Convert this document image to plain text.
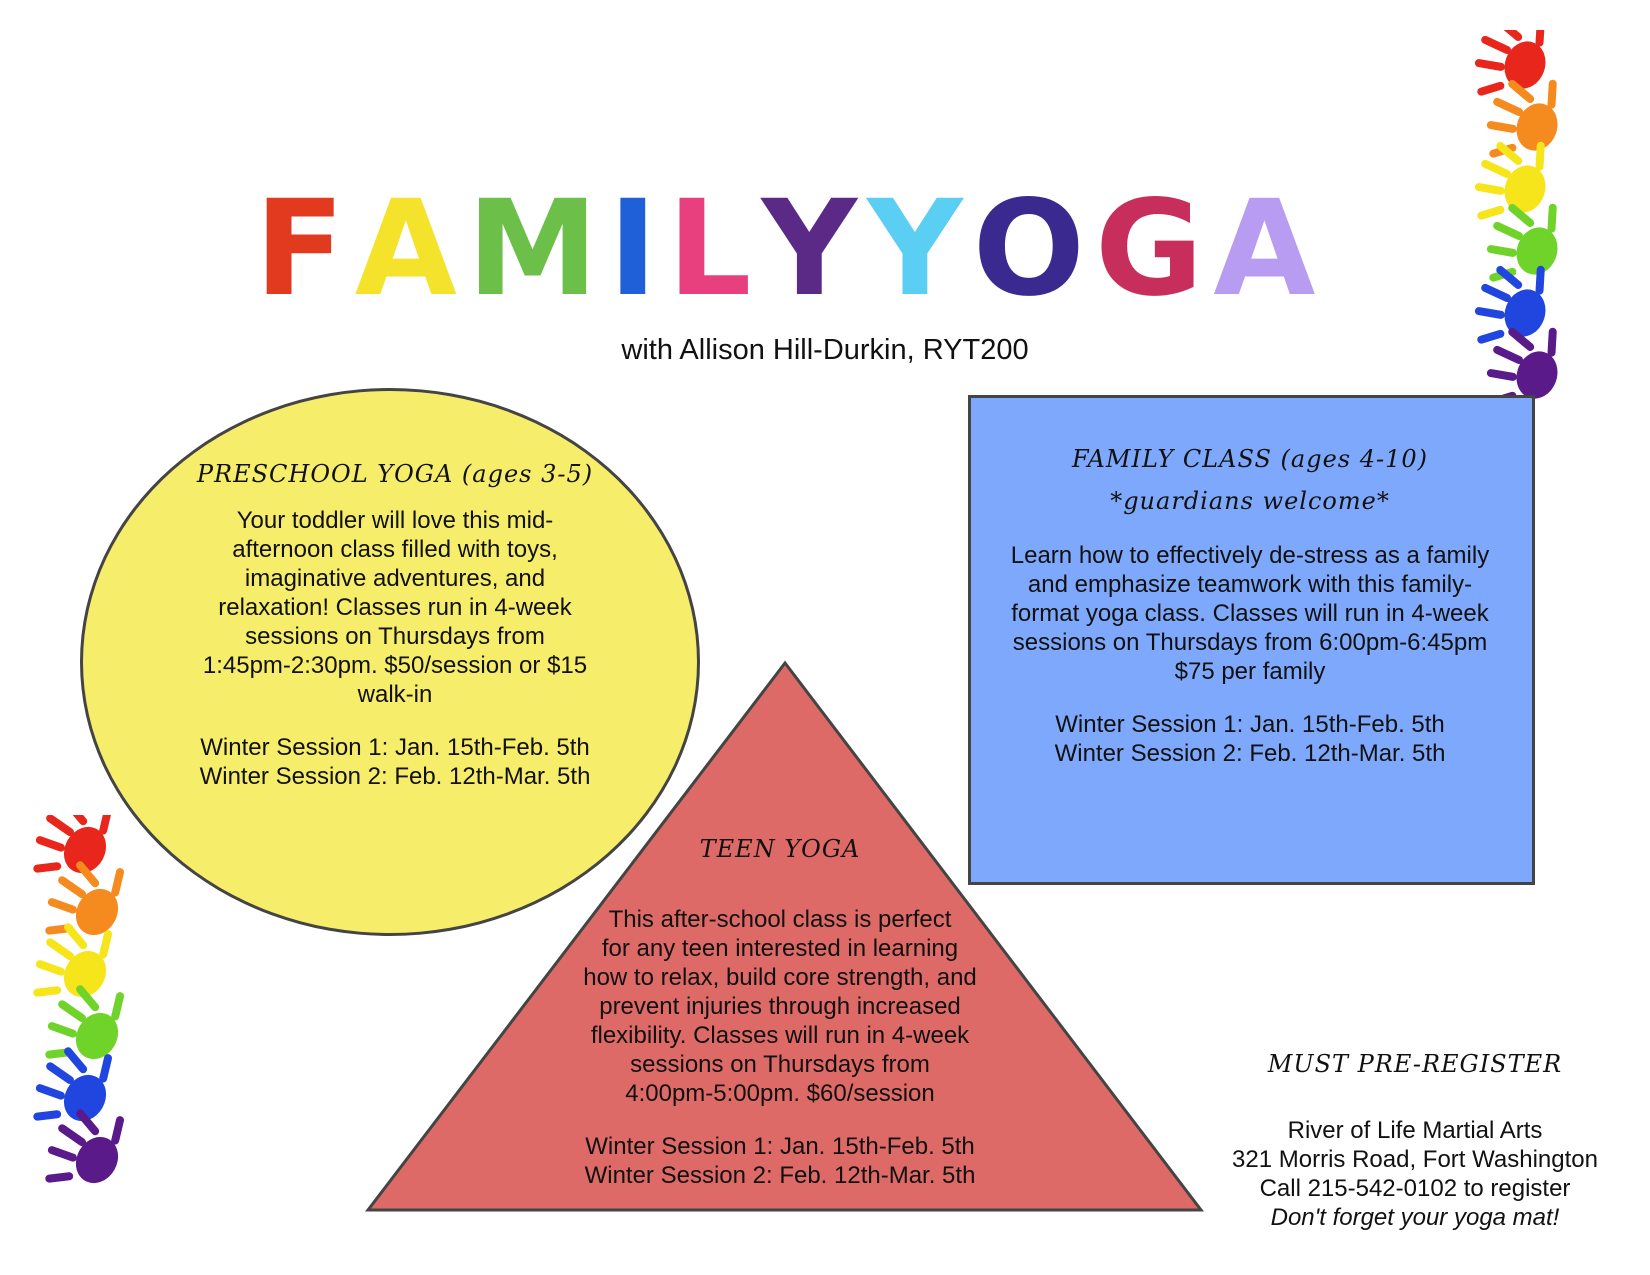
F A M I L Y Y O G A
with Allison Hill-Durkin, RYT200
PRESCHOOL YOGA (ages 3-5)
Your toddler will love this mid-
afternoon class filled with toys,
imaginative adventures, and
relaxation! Classes run in 4-week
sessions on Thursdays from
1:45pm-2:30pm. $50/session or $15
walk-in
Winter Session 1: Jan. 15th-Feb. 5th
Winter Session 2: Feb. 12th-Mar. 5th
FAMILY CLASS (ages 4-10)
*guardians welcome*
Learn how to effectively de-stress as a family
and emphasize teamwork with this family-
format yoga class. Classes will run in 4-week
sessions on Thursdays from 6:00pm-6:45pm
$75 per family
Winter Session 1: Jan. 15th-Feb. 5th
Winter Session 2: Feb. 12th-Mar. 5th
TEEN YOGA
This after-school class is perfect
for any teen interested in learning
how to relax, build core strength, and
prevent injuries through increased
flexibility. Classes will run in 4-week
sessions on Thursdays from
4:00pm-5:00pm. $60/session
Winter Session 1: Jan. 15th-Feb. 5th
Winter Session 2: Feb. 12th-Mar. 5th
MUST PRE-REGISTER
River of Life Martial Arts
321 Morris Road, Fort Washington
Call 215-542-0102 to register
Don't forget your yoga mat!
